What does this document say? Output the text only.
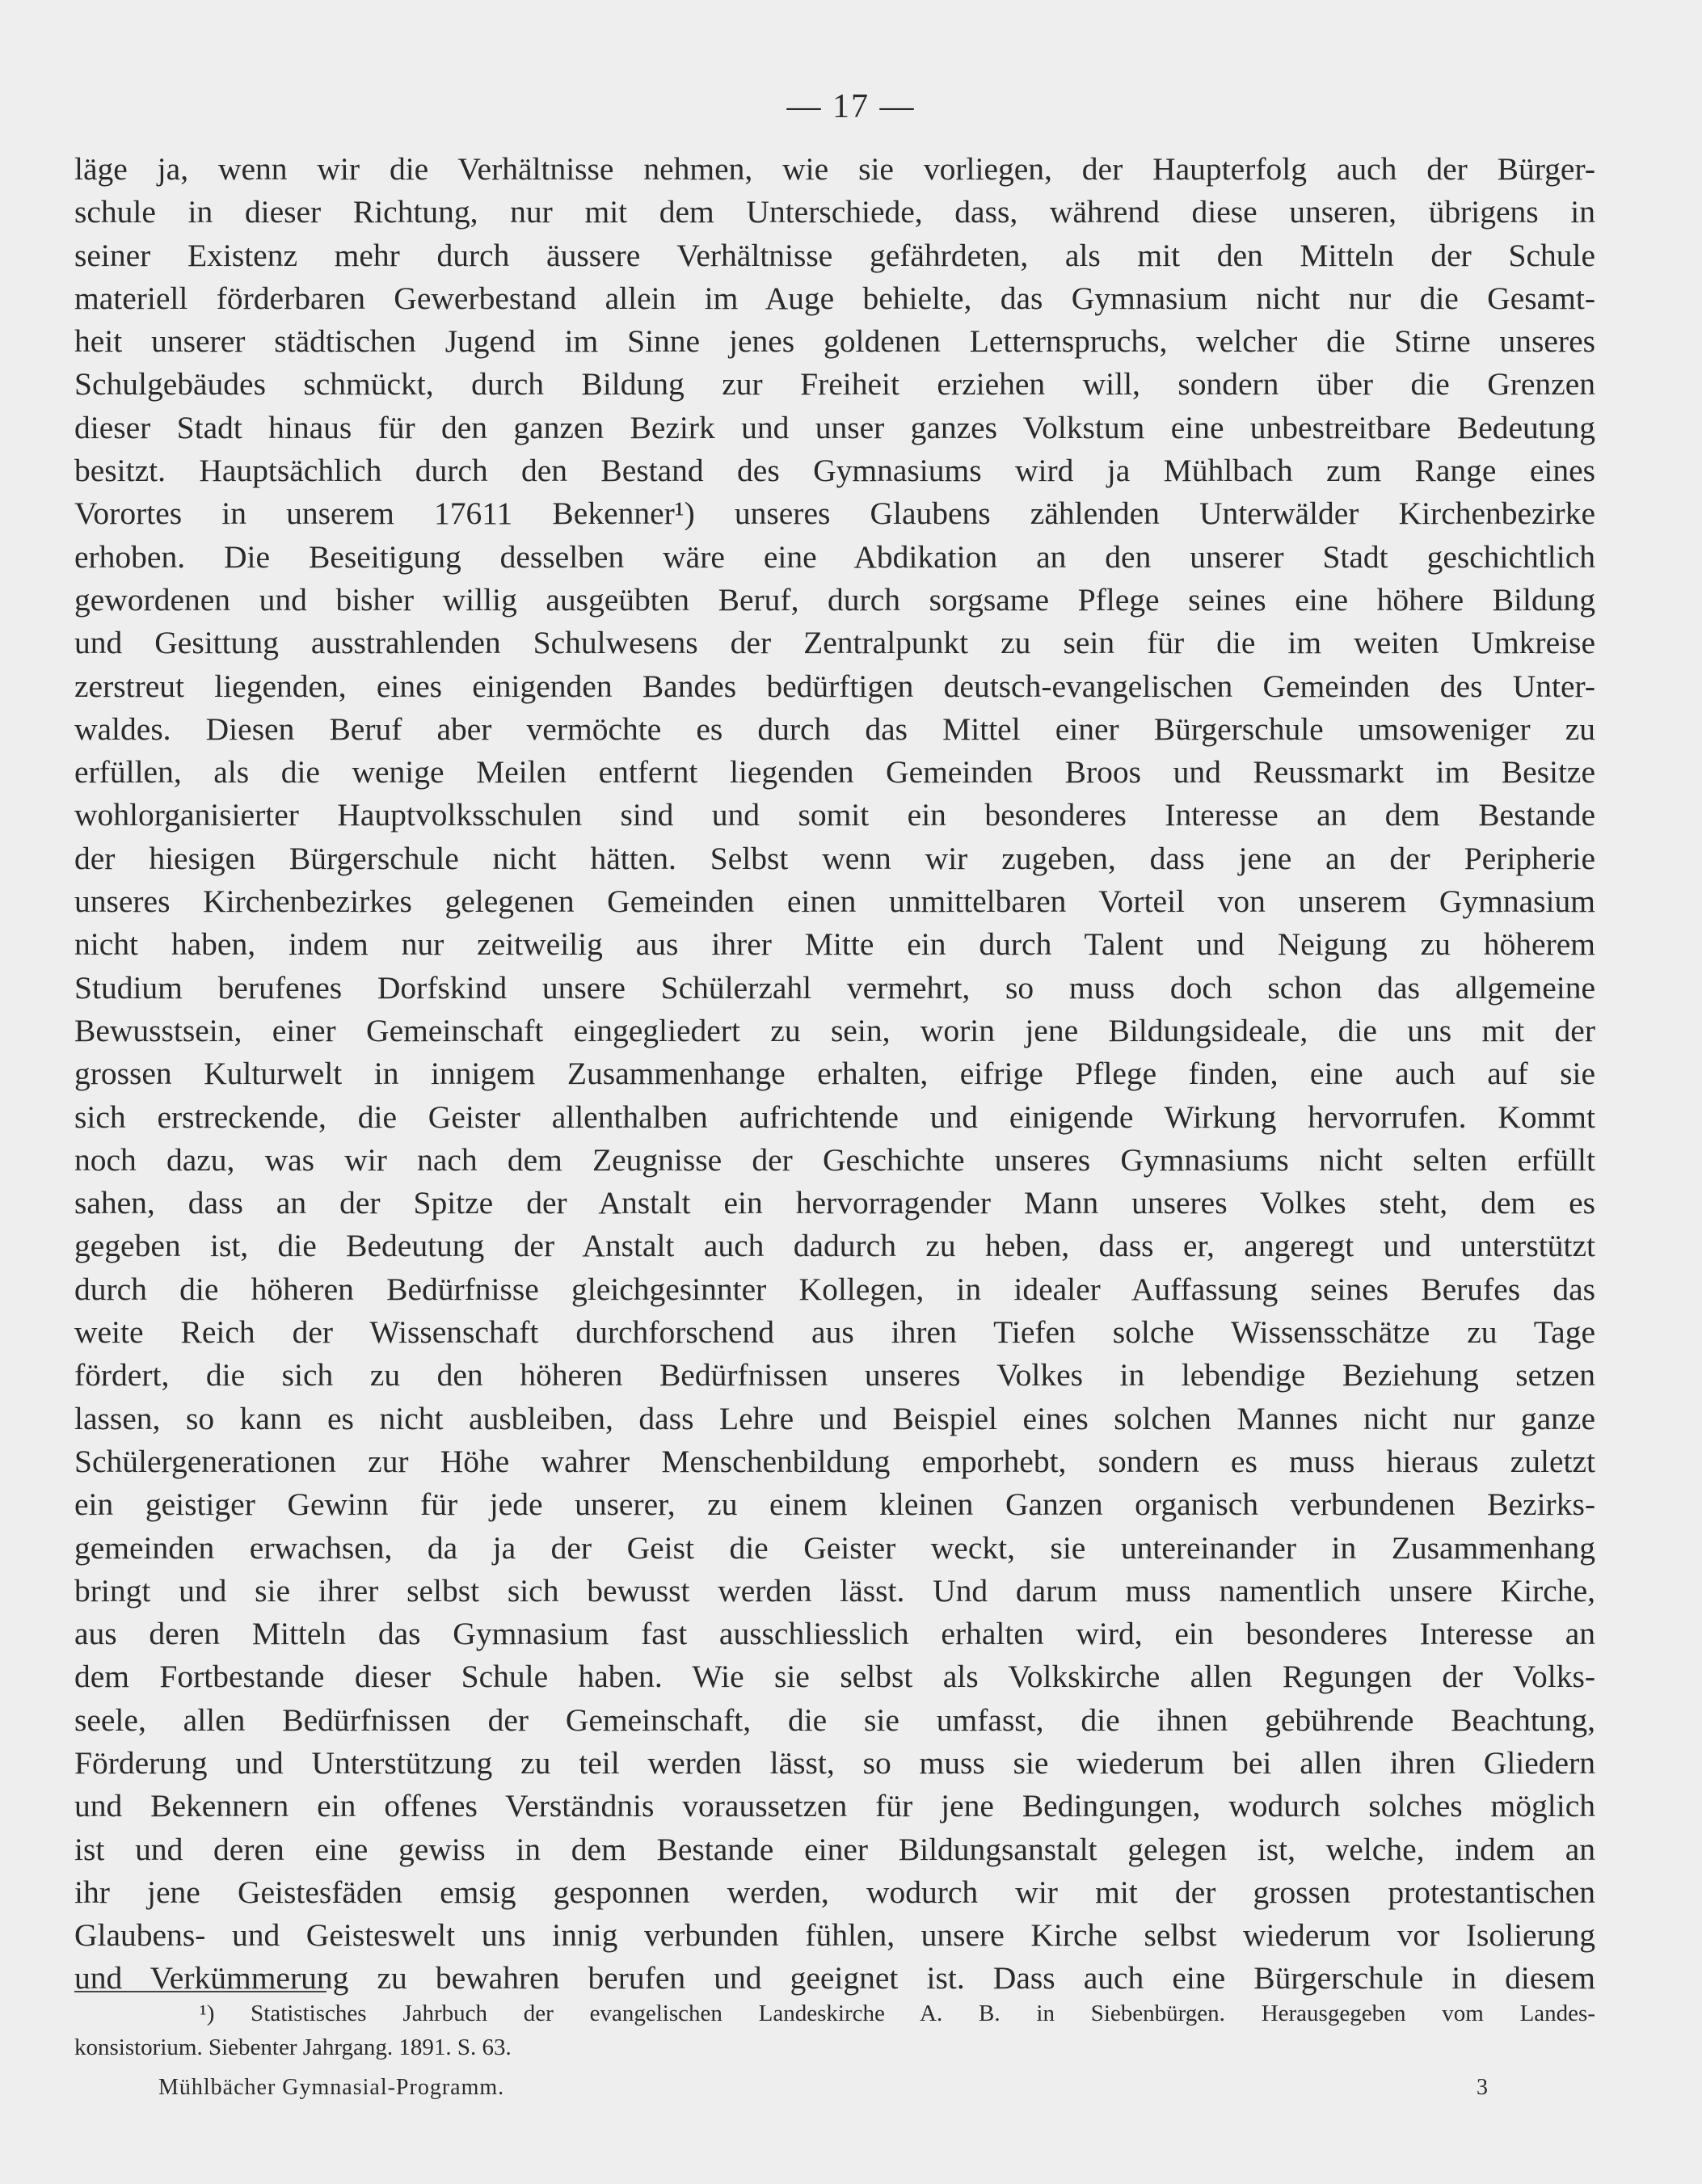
— 17 —
läge ja, wenn wir die Verhältnisse nehmen, wie sie vorliegen, der Haupterfolg auch der Bürger-
schule in dieser Richtung, nur mit dem Unterschiede, dass, während diese unseren, übrigens in
seiner Existenz mehr durch äussere Verhältnisse gefährdeten, als mit den Mitteln der Schule
materiell förderbaren Gewerbestand allein im Auge behielte, das Gymnasium nicht nur die Gesamt-
heit unserer städtischen Jugend im Sinne jenes goldenen Letternspruchs, welcher die Stirne unseres
Schulgebäudes schmückt, durch Bildung zur Freiheit erziehen will, sondern über die Grenzen
dieser Stadt hinaus für den ganzen Bezirk und unser ganzes Volkstum eine unbestreitbare Bedeutung
besitzt. Hauptsächlich durch den Bestand des Gymnasiums wird ja Mühlbach zum Range eines
Vorortes in unserem 17611 Bekenner¹) unseres Glaubens zählenden Unterwälder Kirchenbezirke
erhoben. Die Beseitigung desselben wäre eine Abdikation an den unserer Stadt geschichtlich
gewordenen und bisher willig ausgeübten Beruf, durch sorgsame Pflege seines eine höhere Bildung
und Gesittung ausstrahlenden Schulwesens der Zentralpunkt zu sein für die im weiten Umkreise
zerstreut liegenden, eines einigenden Bandes bedürftigen deutsch-evangelischen Gemeinden des Unter-
waldes. Diesen Beruf aber vermöchte es durch das Mittel einer Bürgerschule umsoweniger zu
erfüllen, als die wenige Meilen entfernt liegenden Gemeinden Broos und Reussmarkt im Besitze
wohlorganisierter Hauptvolksschulen sind und somit ein besonderes Interesse an dem Bestande
der hiesigen Bürgerschule nicht hätten. Selbst wenn wir zugeben, dass jene an der Peripherie
unseres Kirchenbezirkes gelegenen Gemeinden einen unmittelbaren Vorteil von unserem Gymnasium
nicht haben, indem nur zeitweilig aus ihrer Mitte ein durch Talent und Neigung zu höherem
Studium berufenes Dorfskind unsere Schülerzahl vermehrt, so muss doch schon das allgemeine
Bewusstsein, einer Gemeinschaft eingegliedert zu sein, worin jene Bildungsideale, die uns mit der
grossen Kulturwelt in innigem Zusammenhange erhalten, eifrige Pflege finden, eine auch auf sie
sich erstreckende, die Geister allenthalben aufrichtende und einigende Wirkung hervorrufen. Kommt
noch dazu, was wir nach dem Zeugnisse der Geschichte unseres Gymnasiums nicht selten erfüllt
sahen, dass an der Spitze der Anstalt ein hervorragender Mann unseres Volkes steht, dem es
gegeben ist, die Bedeutung der Anstalt auch dadurch zu heben, dass er, angeregt und unterstützt
durch die höheren Bedürfnisse gleichgesinnter Kollegen, in idealer Auffassung seines Berufes das
weite Reich der Wissenschaft durchforschend aus ihren Tiefen solche Wissensschätze zu Tage
fördert, die sich zu den höheren Bedürfnissen unseres Volkes in lebendige Beziehung setzen
lassen, so kann es nicht ausbleiben, dass Lehre und Beispiel eines solchen Mannes nicht nur ganze
Schülergenerationen zur Höhe wahrer Menschenbildung emporhebt, sondern es muss hieraus zuletzt
ein geistiger Gewinn für jede unserer, zu einem kleinen Ganzen organisch verbundenen Bezirks-
gemeinden erwachsen, da ja der Geist die Geister weckt, sie untereinander in Zusammenhang
bringt und sie ihrer selbst sich bewusst werden lässt. Und darum muss namentlich unsere Kirche,
aus deren Mitteln das Gymnasium fast ausschliesslich erhalten wird, ein besonderes Interesse an
dem Fortbestande dieser Schule haben. Wie sie selbst als Volkskirche allen Regungen der Volks-
seele, allen Bedürfnissen der Gemeinschaft, die sie umfasst, die ihnen gebührende Beachtung,
Förderung und Unterstützung zu teil werden lässt, so muss sie wiederum bei allen ihren Gliedern
und Bekennern ein offenes Verständnis voraussetzen für jene Bedingungen, wodurch solches möglich
ist und deren eine gewiss in dem Bestande einer Bildungsanstalt gelegen ist, welche, indem an
ihr jene Geistesfäden emsig gesponnen werden, wodurch wir mit der grossen protestantischen
Glaubens- und Geisteswelt uns innig verbunden fühlen, unsere Kirche selbst wiederum vor Isolierung
und Verkümmerung zu bewahren berufen und geeignet ist. Dass auch eine Bürgerschule in diesem
¹) Statistisches Jahrbuch der evangelischen Landeskirche A. B. in Siebenbürgen. Herausgegeben vom Landes-
konsistorium. Siebenter Jahrgang. 1891. S. 63.
Mühlbächer Gymnasial-Programm.	3
